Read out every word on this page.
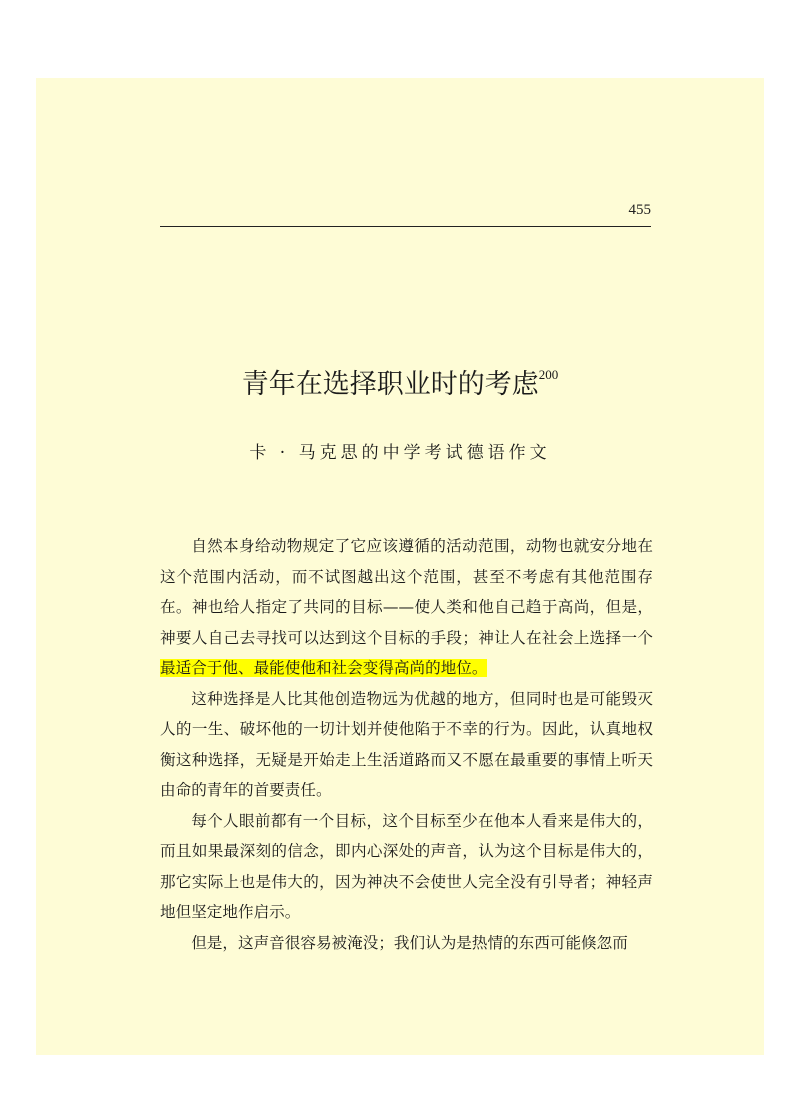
455
青年在选择职业时的考虑$^{200}$
卡 · 马克思的中学考试德语作文

自然本身给动物规定了它应该遵循的活动范围，动物也就安分地在这个范围内活动，而不试图越出这个范围，甚至不考虑有其他范围存在。神也给人指定了共同的目标——使人类和他自己趋于高尚，但是，神要人自己去寻找可以达到这个目标的手段；神让人在社会上选择一个最适合于他、最能使他和社会变得高尚的地位。

这种选择是人比其他创造物远为优越的地方，但同时也是可能毁灭人的一生、破坏他的一切计划并使他陷于不幸的行为。因此，认真地权衡这种选择，无疑是开始走上生活道路而又不愿在最重要的事情上听天由命的青年的首要责任。

每个人眼前都有一个目标，这个目标至少在他本人看来是伟大的，而且如果最深刻的信念，即内心深处的声音，认为这个目标是伟大的，那它实际上也是伟大的，因为神决不会使世人完全没有引导者；神轻声地但坚定地作启示。

但是，这声音很容易被淹没；我们认为是热情的东西可能倏忽而
